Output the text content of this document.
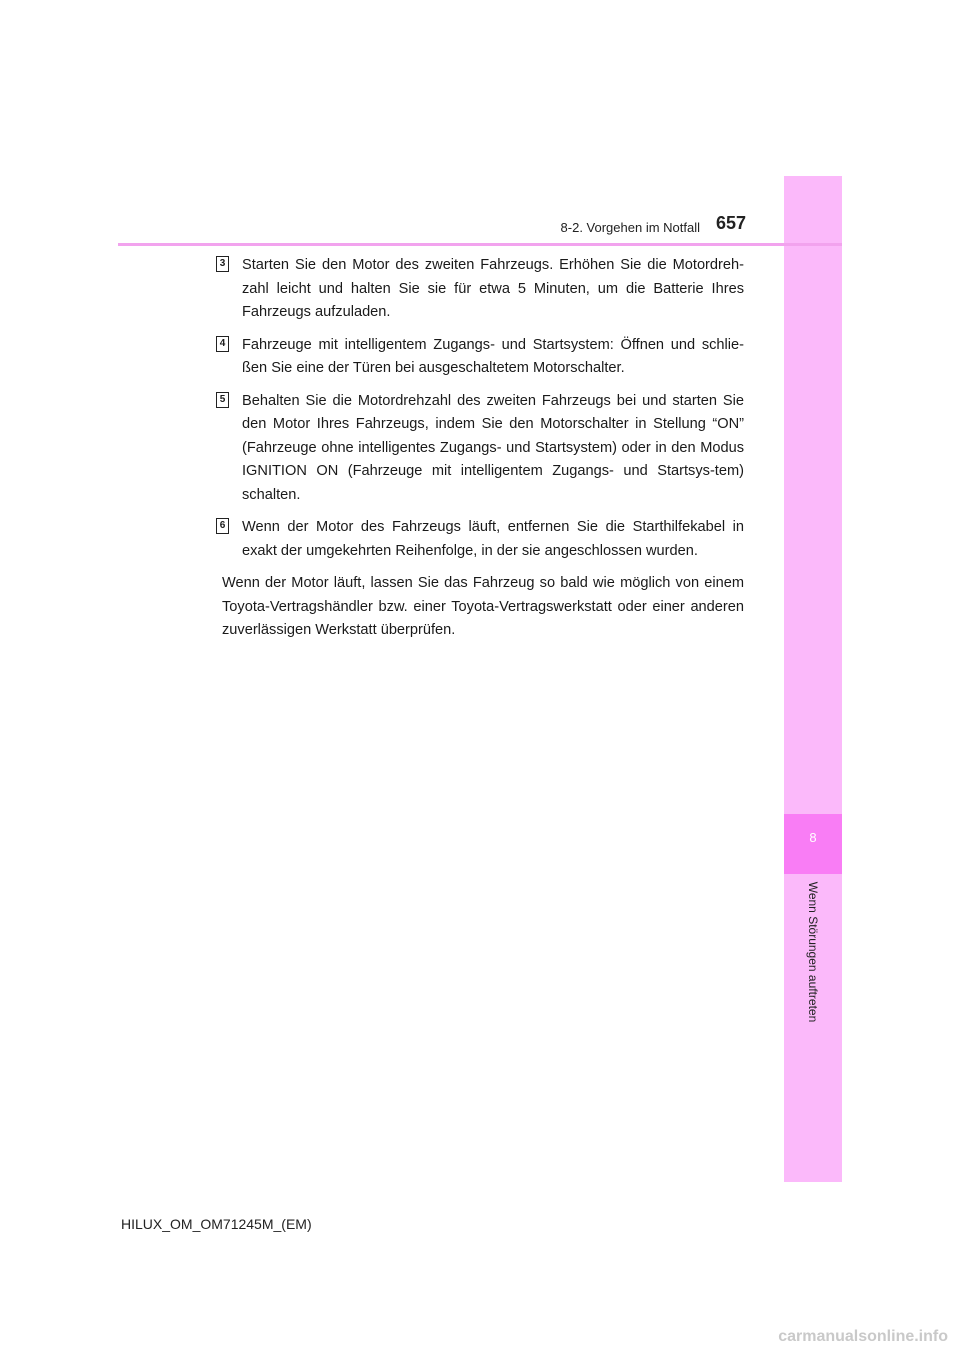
8
Wenn Störungen auftreten
8-2. Vorgehen im Notfall 657
3 Starten Sie den Motor des zweiten Fahrzeugs. Erhöhen Sie die Motordreh-zahl leicht und halten Sie sie für etwa 5 Minuten, um die Batterie Ihres Fahrzeugs aufzuladen.
4 Fahrzeuge mit intelligentem Zugangs- und Startsystem: Öffnen und schlie-ßen Sie eine der Türen bei ausgeschaltetem Motorschalter.
5 Behalten Sie die Motordrehzahl des zweiten Fahrzeugs bei und starten Sie den Motor Ihres Fahrzeugs, indem Sie den Motorschalter in Stellung “ON” (Fahrzeuge ohne intelligentes Zugangs- und Startsystem) oder in den Modus IGNITION ON (Fahrzeuge mit intelligentem Zugangs- und Startsys-tem) schalten.
6 Wenn der Motor des Fahrzeugs läuft, entfernen Sie die Starthilfekabel in exakt der umgekehrten Reihenfolge, in der sie angeschlossen wurden.
Wenn der Motor läuft, lassen Sie das Fahrzeug so bald wie möglich von einem Toyota-Vertragshändler bzw. einer Toyota-Vertragswerkstatt oder einer anderen zuverlässigen Werkstatt überprüfen.
HILUX_OM_OM71245M_(EM)
carmanualsonline.info
